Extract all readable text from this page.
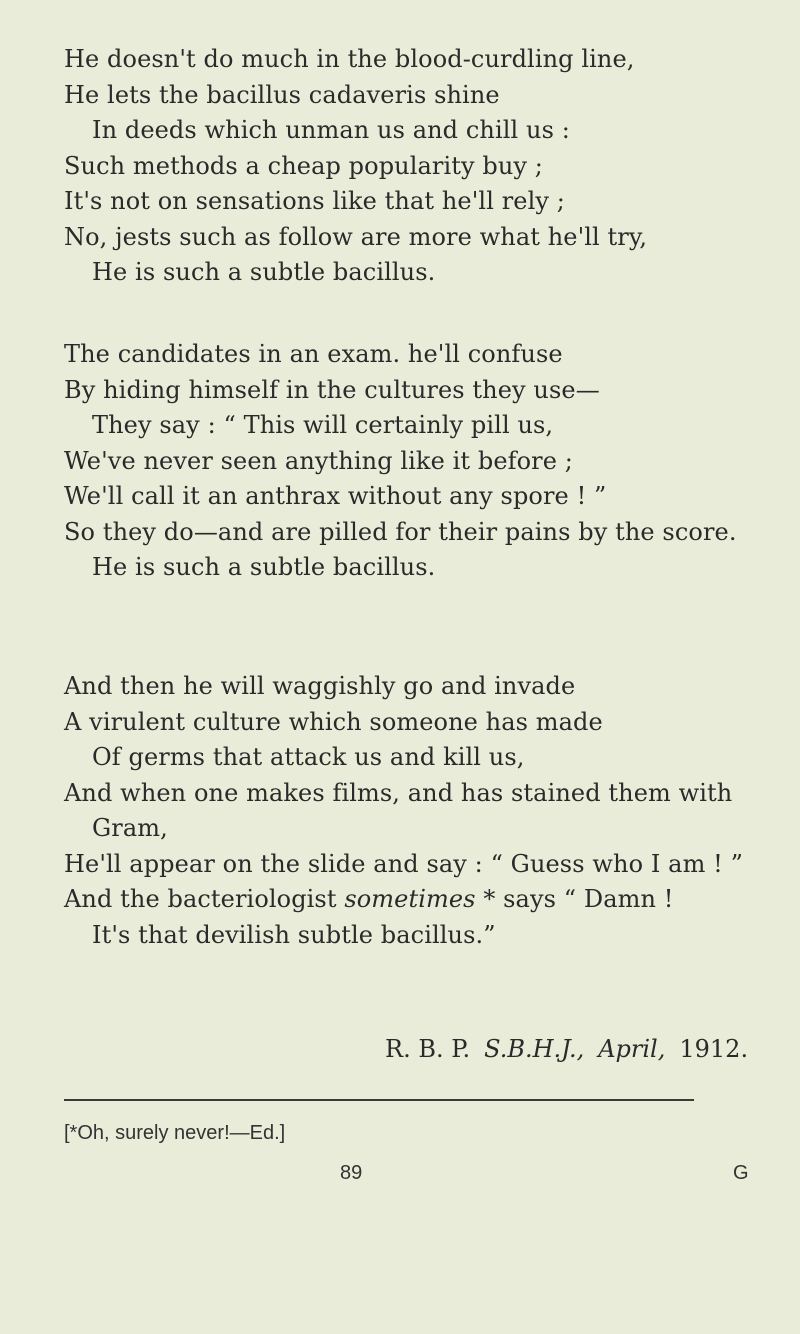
He doesn't do much in the blood-curdling line,
He lets the bacillus cadaveris shine
In deeds which unman us and chill us :
Such methods a cheap popularity buy ;
It's not on sensations like that he'll rely ;
No, jests such as follow are more what he'll try,
He is such a subtle bacillus.
The candidates in an exam. he'll confuse
By hiding himself in the cultures they use—
They say : “ This will certainly pill us,
We've never seen anything like it before ;
We'll call it an anthrax without any spore ! ”
So they do—and are pilled for their pains by the score.
He is such a subtle bacillus.
And then he will waggishly go and invade
A virulent culture which someone has made
Of germs that attack us and kill us,
And when one makes films, and has stained them with Gram,
He'll appear on the slide and say : “ Guess who I am ! ”
And the bacteriologist sometimes * says “ Damn !
It's that devilish subtle bacillus.”
R. B. P. S.B.H.J., April, 1912.
[*Oh, surely never!—Ed.]
89	G
